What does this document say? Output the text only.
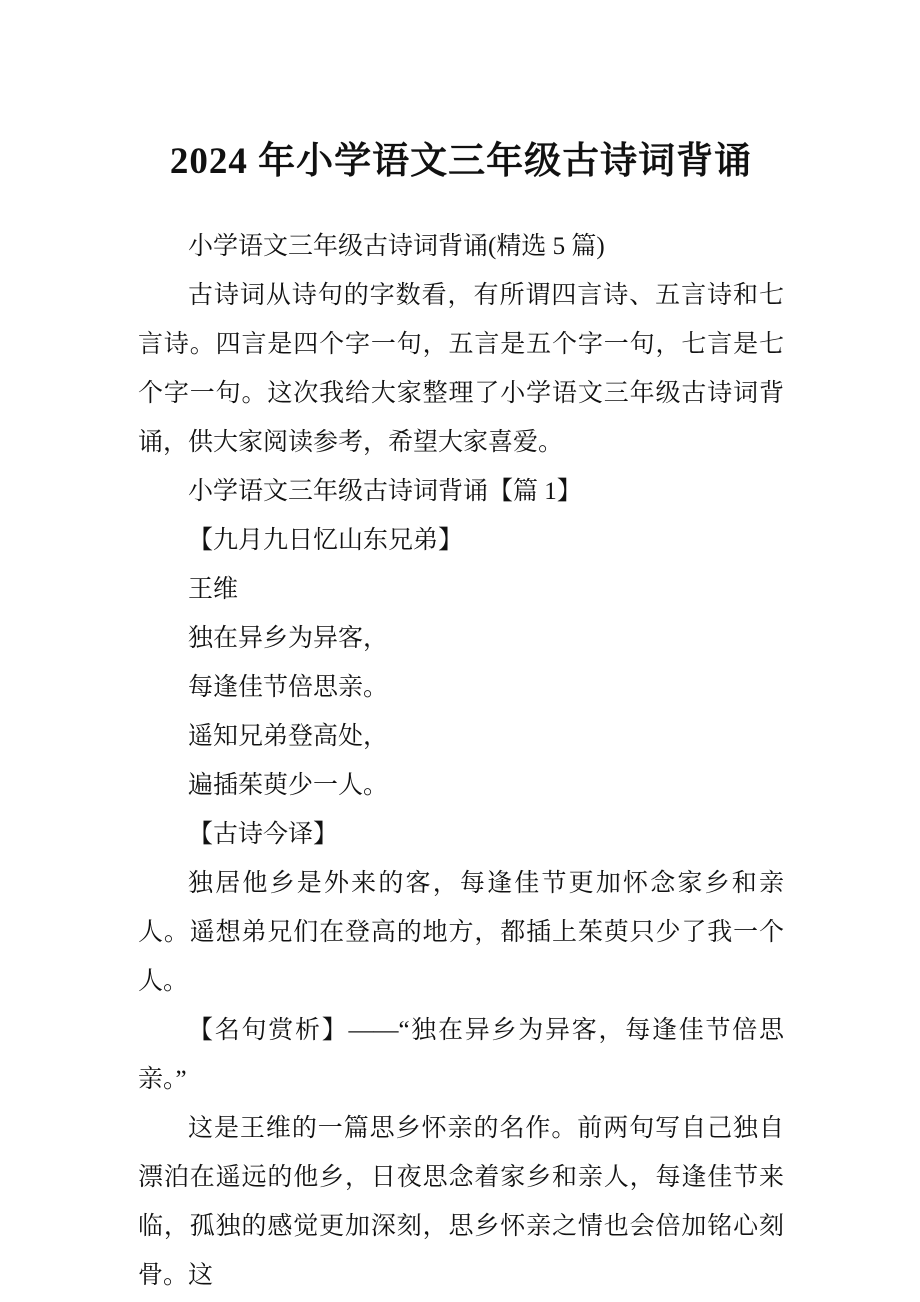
2024 年小学语文三年级古诗词背诵

小学语文三年级古诗词背诵(精选 5 篇)

古诗词从诗句的字数看，有所谓四言诗、五言诗和七言诗。四言是四个字一句，五言是五个字一句，七言是七个字一句。这次我给大家整理了小学语文三年级古诗词背诵，供大家阅读参考，希望大家喜爱。

小学语文三年级古诗词背诵【篇 1】

【九月九日忆山东兄弟】

王维

独在异乡为异客，

每逢佳节倍思亲。

遥知兄弟登高处，

遍插茱萸少一人。

【古诗今译】

独居他乡是外来的客，每逢佳节更加怀念家乡和亲人。遥想弟兄们在登高的地方，都插上茱萸只少了我一个人。

【名句赏析】——“独在异乡为异客，每逢佳节倍思亲。”

这是王维的一篇思乡怀亲的名作。前两句写自己独自漂泊在遥远的他乡，日夜思念着家乡和亲人，每逢佳节来临，孤独的感觉更加深刻，思乡怀亲之情也会倍加铭心刻骨。这
